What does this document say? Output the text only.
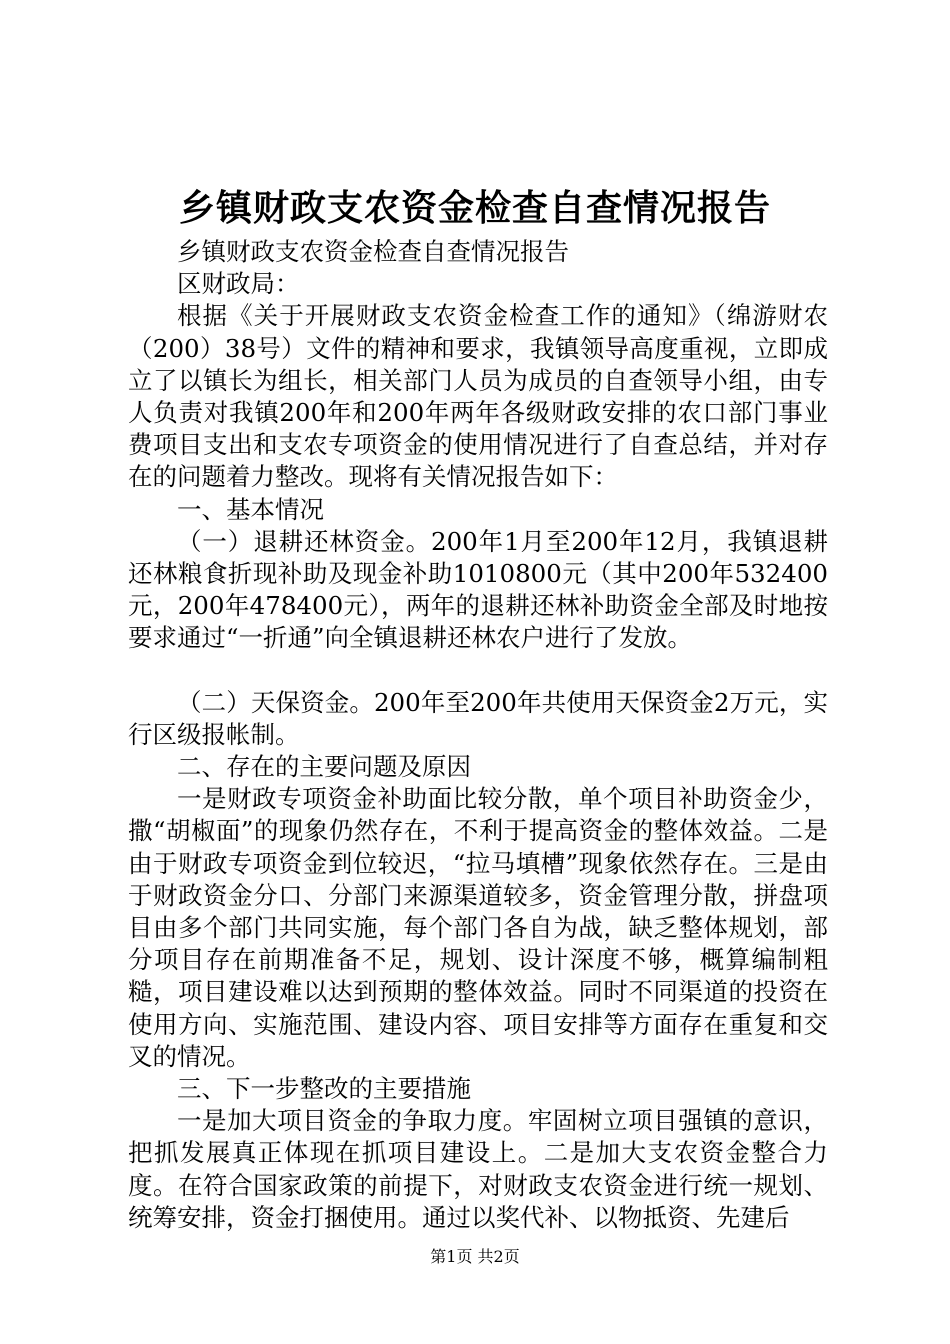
乡镇财政支农资金检查自查情况报告

乡镇财政支农资金检查自查情况报告

区财政局：

根据《关于开展财政支农资金检查工作的通知》（绵游财农（200）38号）文件的精神和要求，我镇领导高度重视，立即成立了以镇长为组长，相关部门人员为成员的自查领导小组，由专人负责对我镇200年和200年两年各级财政安排的农口部门事业费项目支出和支农专项资金的使用情况进行了自查总结，并对存在的问题着力整改。现将有关情况报告如下：

一、基本情况

（一）退耕还林资金。200年1月至200年12月，我镇退耕还林粮食折现补助及现金补助1010800元（其中200年532400元，200年478400元），两年的退耕还林补助资金全部及时地按要求通过“一折通”向全镇退耕还林农户进行了发放。

（二）天保资金。200年至200年共使用天保资金2万元，实行区级报帐制。

二、存在的主要问题及原因

一是财政专项资金补助面比较分散，单个项目补助资金少，撒“胡椒面”的现象仍然存在，不利于提高资金的整体效益。二是由于财政专项资金到位较迟，“拉马填槽”现象依然存在。三是由于财政资金分口、分部门来源渠道较多，资金管理分散，拼盘项目由多个部门共同实施，每个部门各自为战，缺乏整体规划，部分项目存在前期准备不足，规划、设计深度不够，概算编制粗糙，项目建设难以达到预期的整体效益。同时不同渠道的投资在使用方向、实施范围、建设内容、项目安排等方面存在重复和交叉的情况。

三、下一步整改的主要措施

一是加大项目资金的争取力度。牢固树立项目强镇的意识，把抓发展真正体现在抓项目建设上。二是加大支农资金整合力度。在符合国家政策的前提下，对财政支农资金进行统一规划、统筹安排，资金打捆使用。通过以奖代补、以物抵资、先建后

第1页 共2页
